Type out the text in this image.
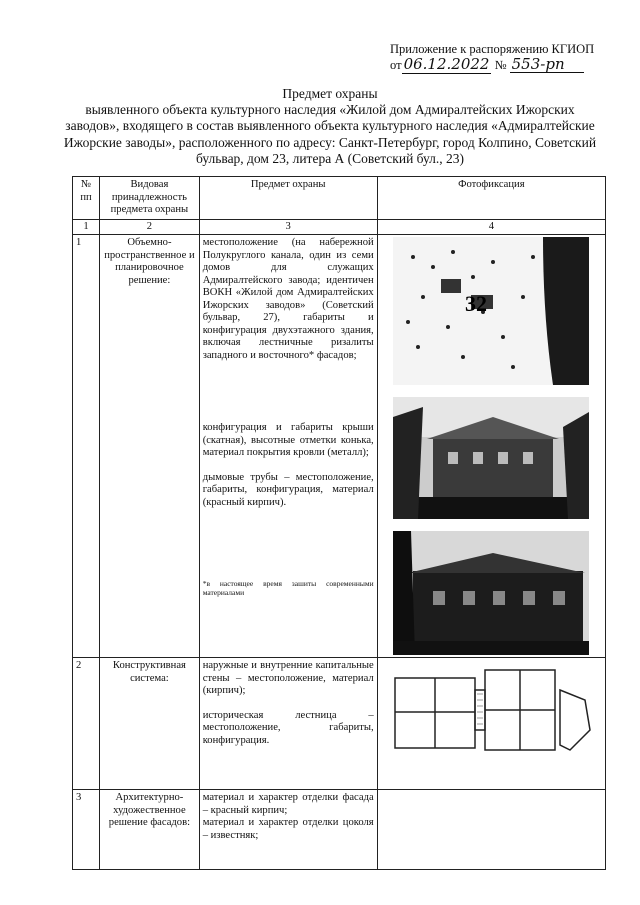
Приложение к распоряжению КГИОП
от 06.12.2022 № 553-рп
Предмет охраны
выявленного объекта культурного наследия «Жилой дом Адмиралтейских Ижорских
заводов», входящего в состав выявленного объекта культурного наследия «Адмиралтейские
Ижорские заводы», расположенного по адресу: Санкт-Петербург, город Колпино, Советский
бульвар, дом 23, литера А (Советский бул., 23)
№ пп	Видовая принадлежность предмета охраны	Предмет охраны	Фотофиксация
1	2	3	4
1	Объемно-пространственное и планировочное решение:	местоположение (на набережной Полукруглого канала, один из семи домов для служащих Адмиралтейского завода; идентичен ВОКН «Жилой дом Адмиралтейских Ижорских заводов» (Советский бульвар, 27), габариты и конфигурация двухэтажного здания, включая лестничные ризалиты западного и восточного* фасадов;
конфигурация и габариты крыши (скатная), высотные отметки конька, материал покрытия кровли (металл);
дымовые трубы – местоположение, габариты, конфигурация, материал (красный кирпич).
*в настоящее время зашиты современными материалами	32

2	Конструктивная система:	наружные и внутренние капитальные стены – местоположение, материал (кирпич);
историческая лестница – местоположение, габариты, конфигурация.

3	Архитектурно-художественное решение фасадов:	материал и характер отделки фасада – красный кирпич;
материал и характер отделки цоколя – известняк;	
